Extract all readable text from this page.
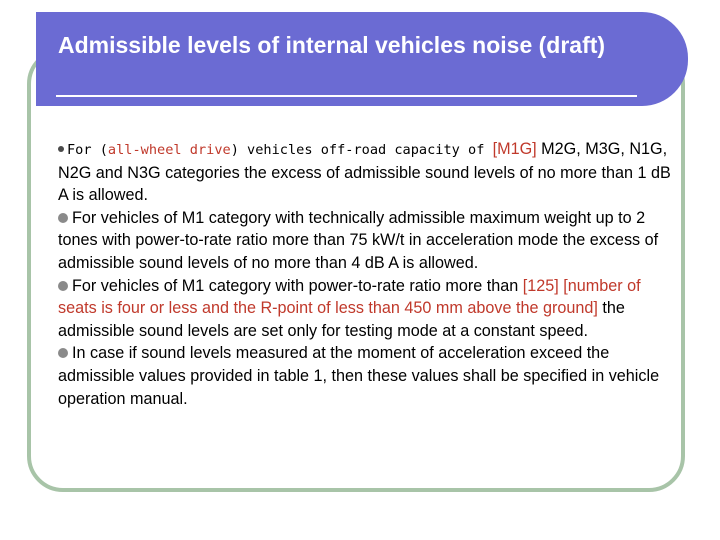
Admissible levels of internal vehicles noise (draft)

For (all-wheel drive) vehicles off-road capacity of [M1G] M2G, M3G, N1G, N2G and N3G categories the excess of admissible sound levels of no more than 1 dB A is allowed.

For vehicles of M1 category with technically admissible maximum weight up to 2 tones with power-to-rate ratio more than 75 kW/t in acceleration mode the excess of admissible sound levels of no more than 4 dB A is allowed.

For vehicles of M1 category with power-to-rate ratio more than [125] [number of seats is four or less and the R-point of less than 450 mm above the ground] the admissible sound levels are set only for testing mode at a constant speed.

In case if sound levels measured at the moment of acceleration exceed the admissible values provided in table 1, then these values shall be specified in vehicle operation manual.
